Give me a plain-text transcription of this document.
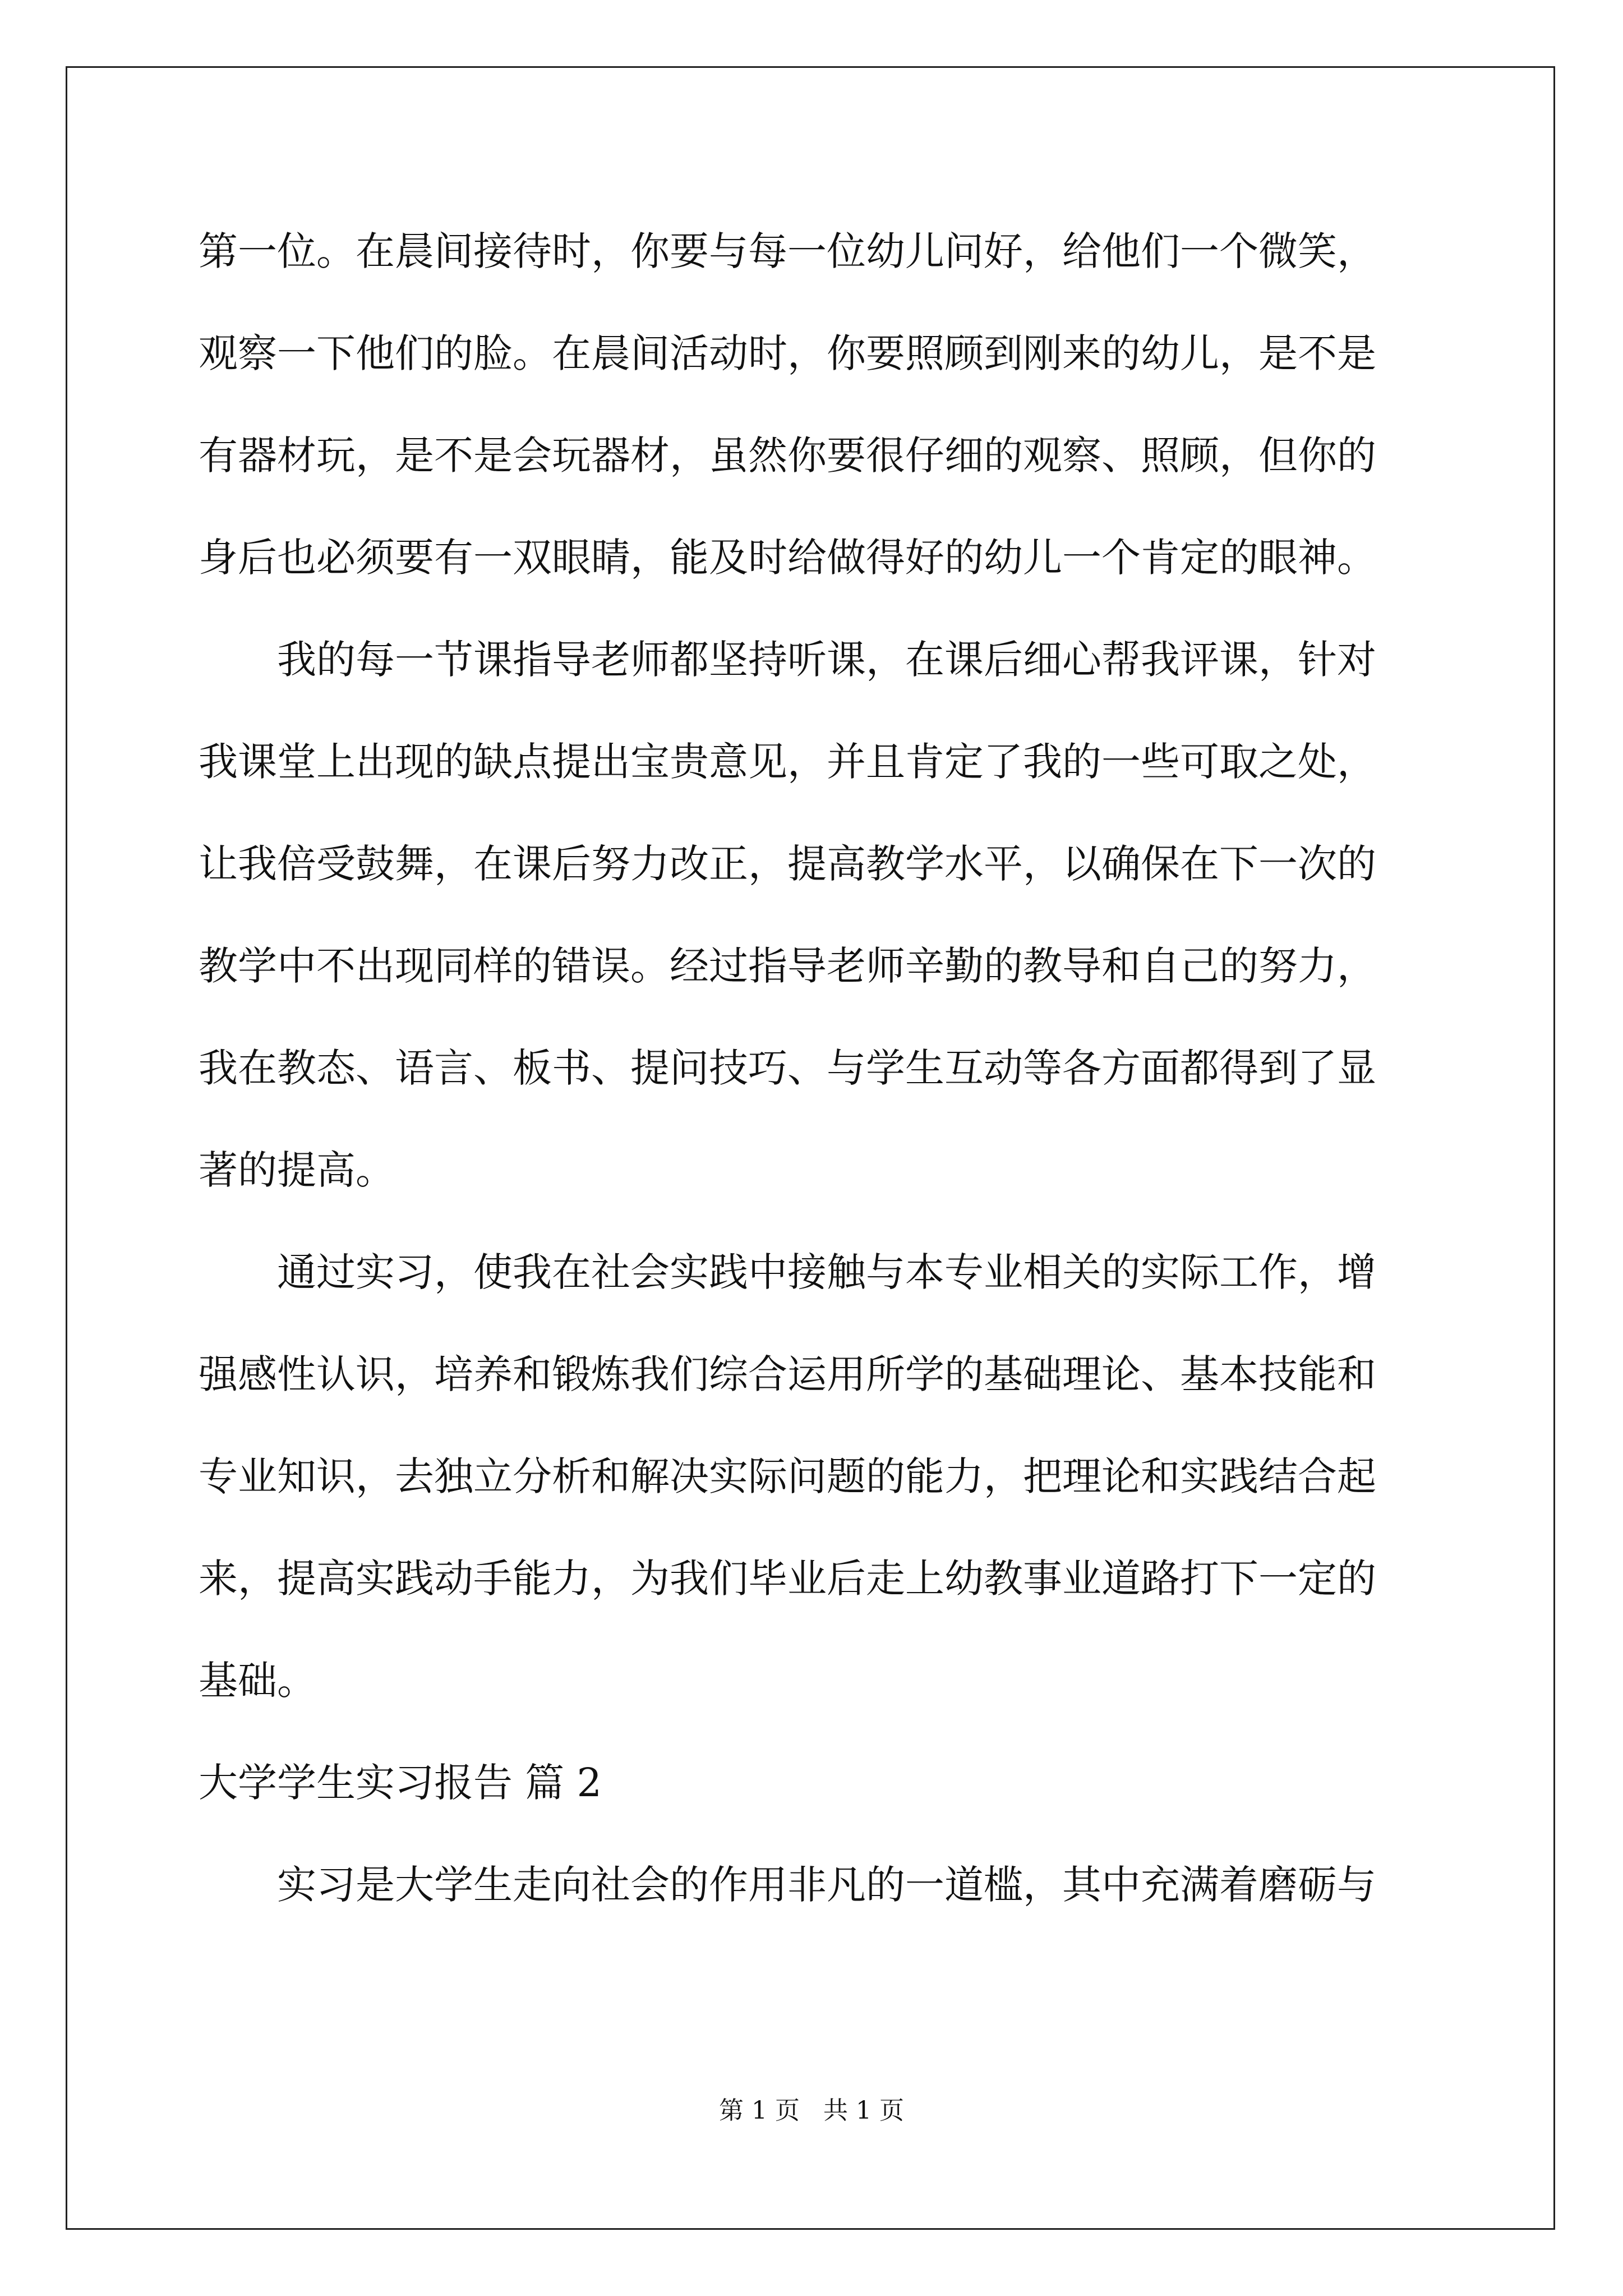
第一位。在晨间接待时，你要与每一位幼儿问好，给他们一个微笑，
观察一下他们的脸。在晨间活动时，你要照顾到刚来的幼儿，是不是
有器材玩，是不是会玩器材，虽然你要很仔细的观察、照顾，但你的
身后也必须要有一双眼睛，能及时给做得好的幼儿一个肯定的眼神。
我的每一节课指导老师都坚持听课，在课后细心帮我评课，针对
我课堂上出现的缺点提出宝贵意见，并且肯定了我的一些可取之处，
让我倍受鼓舞，在课后努力改正，提高教学水平，以确保在下一次的
教学中不出现同样的错误。经过指导老师辛勤的教导和自己的努力，
我在教态、语言、板书、提问技巧、与学生互动等各方面都得到了显
著的提高。
通过实习，使我在社会实践中接触与本专业相关的实际工作，增
强感性认识，培养和锻炼我们综合运用所学的基础理论、基本技能和
专业知识，去独立分析和解决实际问题的能力，把理论和实践结合起
来，提高实践动手能力，为我们毕业后走上幼教事业道路打下一定的
基础。
大学学生实习报告 篇 2
实习是大学生走向社会的作用非凡的一道槛，其中充满着磨砺与
第 1 页   共 1 页
